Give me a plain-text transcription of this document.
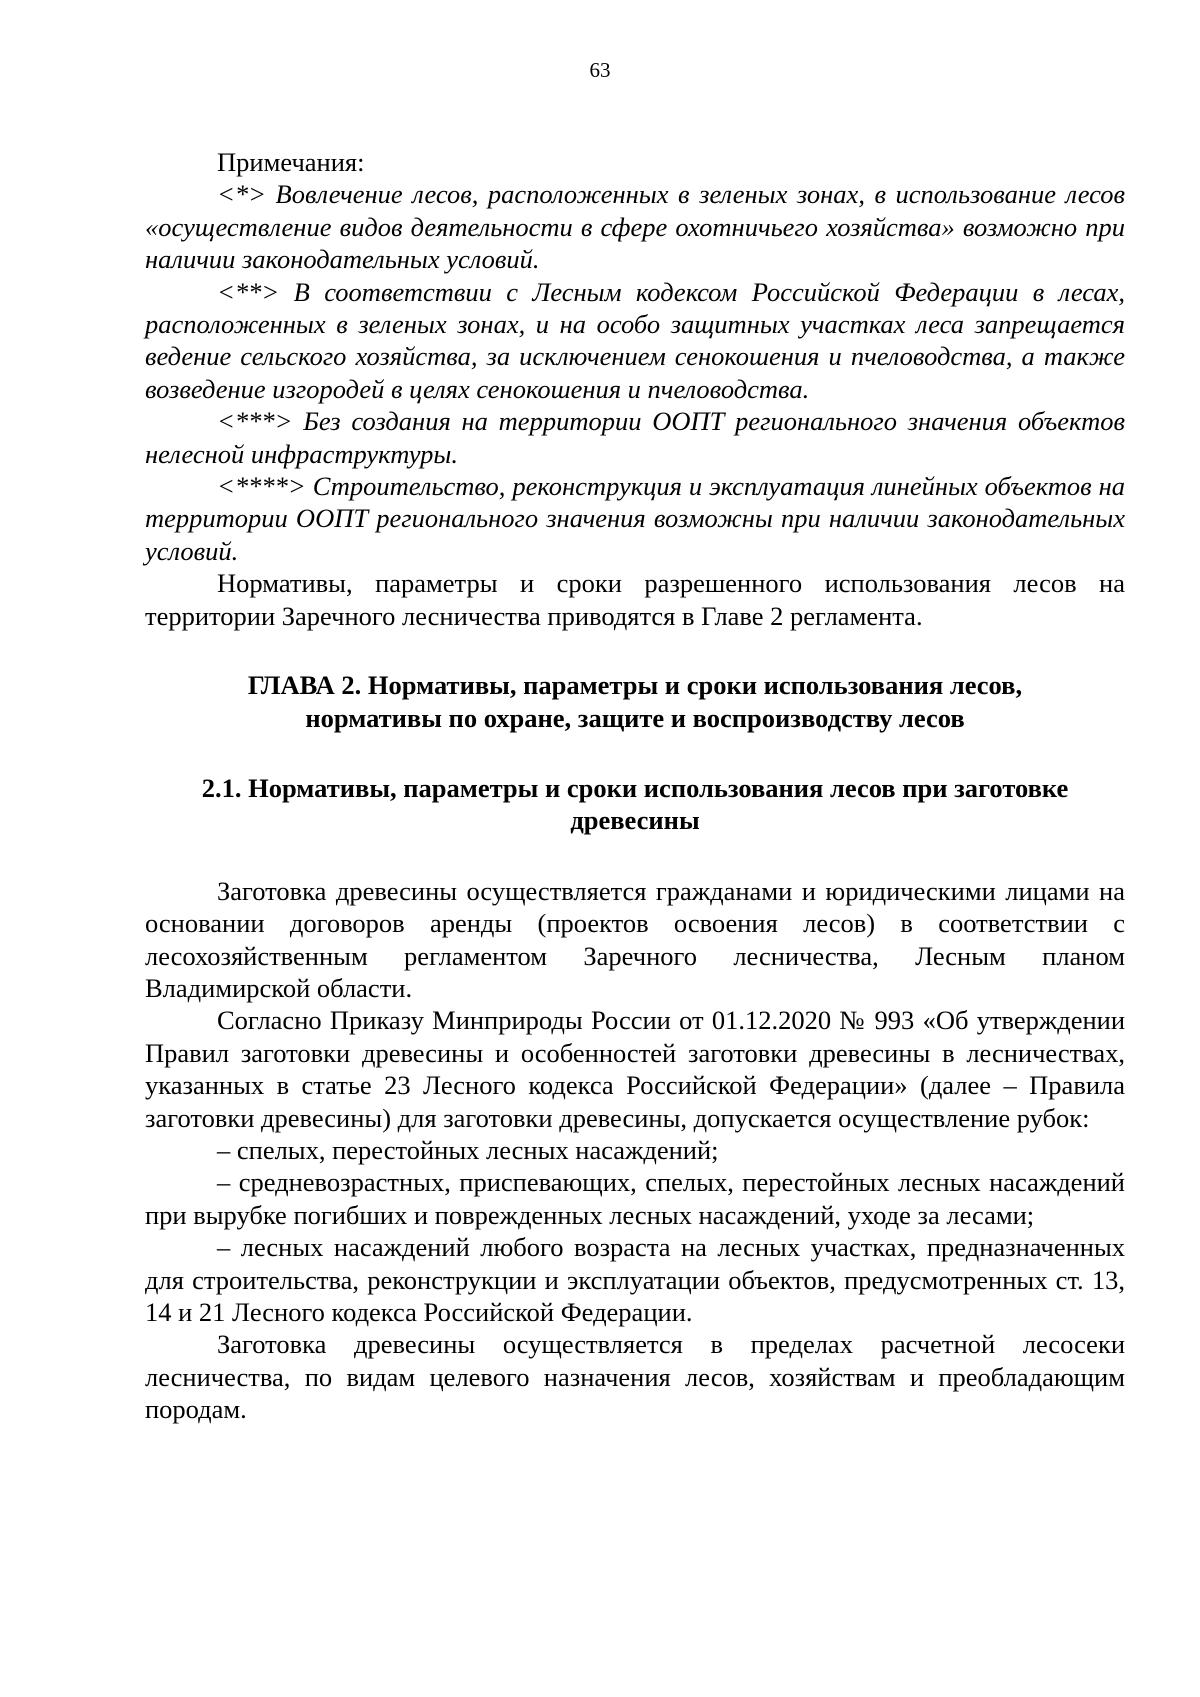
63

Примечания:

<*> Вовлечение лесов, расположенных в зеленых зонах, в использование лесов «осуществление видов деятельности в сфере охотничьего хозяйства» возможно при наличии законодательных условий.

<**> В соответствии с Лесным кодексом Российской Федерации в лесах, расположенных в зеленых зонах, и на особо защитных участках леса запрещается ведение сельского хозяйства, за исключением сенокошения и пчеловодства, а также возведение изгородей в целях сенокошения и пчеловодства.

<***> Без создания на территории ООПТ регионального значения объектов нелесной инфраструктуры.

<****> Строительство, реконструкция и эксплуатация линейных объектов на территории ООПТ регионального значения возможны при наличии законодательных условий.

Нормативы, параметры и сроки разрешенного использования лесов на территории Заречного лесничества приводятся в Главе 2 регламента.

ГЛАВА 2. Нормативы, параметры и сроки использования лесов,
нормативы по охране, защите и воспроизводству лесов

2.1. Нормативы, параметры и сроки использования лесов при заготовке
древесины

Заготовка древесины осуществляется гражданами и юридическими лицами на основании договоров аренды (проектов освоения лесов) в соответствии с лесохозяйственным регламентом Заречного лесничества, Лесным планом Владимирской области.

Согласно Приказу Минприроды России от 01.12.2020 № 993 «Об утверждении Правил заготовки древесины и особенностей заготовки древесины в лесничествах, указанных в статье 23 Лесного кодекса Российской Федерации» (далее – Правила заготовки древесины) для заготовки древесины, допускается осуществление рубок:

– спелых, перестойных лесных насаждений;

– средневозрастных, приспевающих, спелых, перестойных лесных насаждений при вырубке погибших и поврежденных лесных насаждений, уходе за лесами;

– лесных насаждений любого возраста на лесных участках, предназначенных для строительства, реконструкции и эксплуатации объектов, предусмотренных ст. 13, 14 и 21 Лесного кодекса Российской Федерации.

Заготовка древесины осуществляется в пределах расчетной лесосеки лесничества, по видам целевого назначения лесов, хозяйствам и преобладающим породам.
